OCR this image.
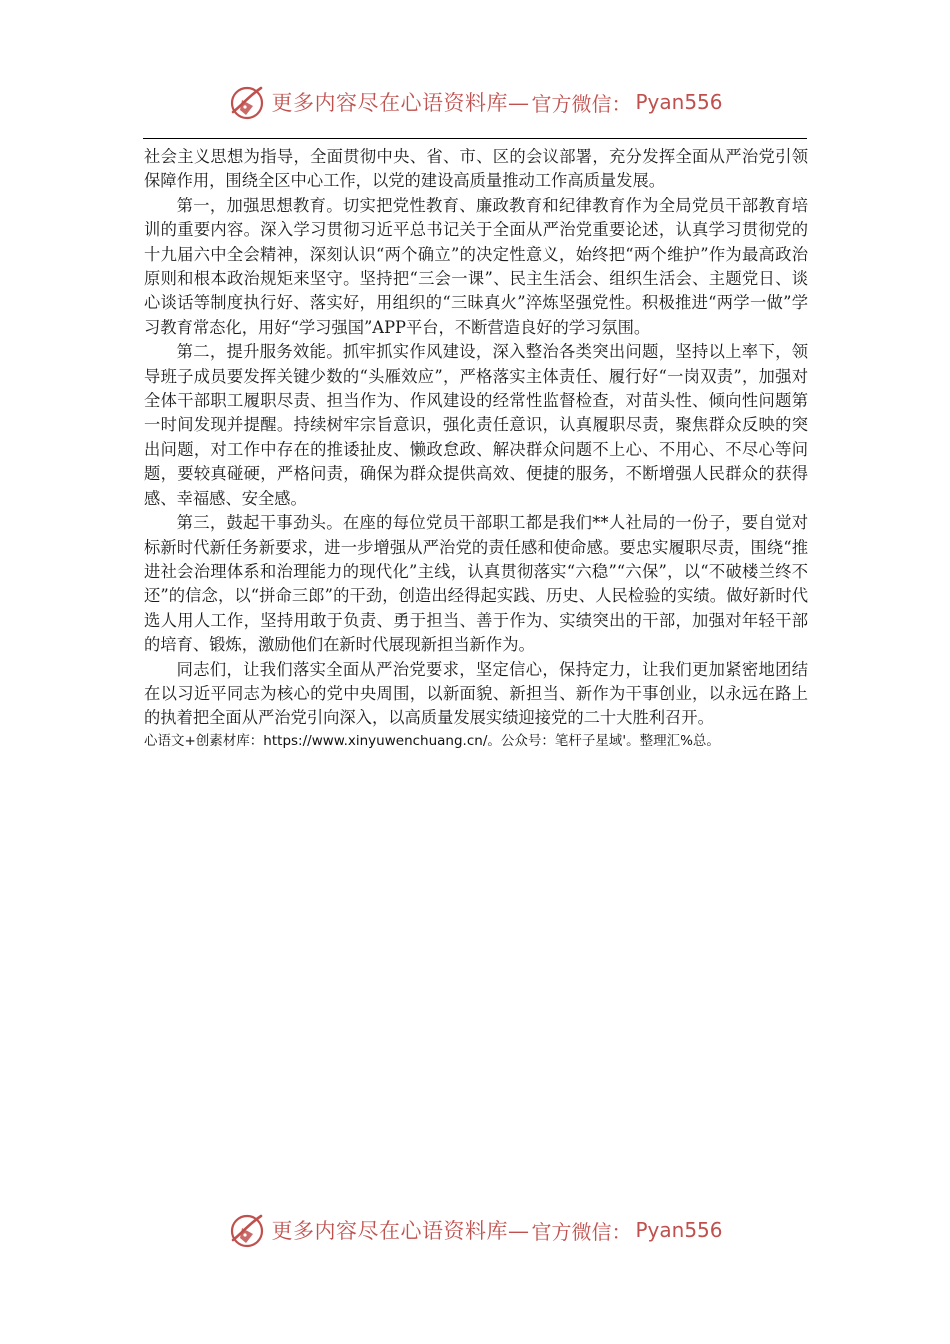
更多内容尽在心语资料库— 官方微信： Pyan556

社会主义思想为指导，全面贯彻中央、省、市、区的会议部署，充分发挥全面从严治党引领保障作用，围绕全区中心工作，以党的建设高质量推动工作高质量发展。

第一，加强思想教育。切实把党性教育、廉政教育和纪律教育作为全局党员干部教育培训的重要内容。深入学习贯彻习近平总书记关于全面从严治党重要论述，认真学习贯彻党的十九届六中全会精神，深刻认识“两个确立”的决定性意义，始终把“两个维护”作为最高政治原则和根本政治规矩来坚守。坚持把“三会一课”、民主生活会、组织生活会、主题党日、谈心谈话等制度执行好、落实好，用组织的“三昧真火”淬炼坚强党性。积极推进“两学一做”学习教育常态化，用好“学习强国”APP平台，不断营造良好的学习氛围。

第二，提升服务效能。抓牢抓实作风建设，深入整治各类突出问题，坚持以上率下，领导班子成员要发挥关键少数的“头雁效应”，严格落实主体责任、履行好“一岗双责”，加强对全体干部职工履职尽责、担当作为、作风建设的经常性监督检查，对苗头性、倾向性问题第一时间发现并提醒。持续树牢宗旨意识，强化责任意识，认真履职尽责，聚焦群众反映的突出问题，对工作中存在的推诿扯皮、懒政怠政、解决群众问题不上心、不用心、不尽心等问题，要较真碰硬，严格问责，确保为群众提供高效、便捷的服务，不断增强人民群众的获得感、幸福感、安全感。

第三，鼓起干事劲头。在座的每位党员干部职工都是我们**人社局的一份子，要自觉对标新时代新任务新要求，进一步增强从严治党的责任感和使命感。要忠实履职尽责，围绕“推进社会治理体系和治理能力的现代化”主线，认真贯彻落实“六稳”“六保”，以“不破楼兰终不还”的信念，以“拼命三郎”的干劲，创造出经得起实践、历史、人民检验的实绩。做好新时代选人用人工作，坚持用敢于负责、勇于担当、善于作为、实绩突出的干部，加强对年轻干部的培育、锻炼，激励他们在新时代展现新担当新作为。

同志们，让我们落实全面从严治党要求，坚定信心，保持定力，让我们更加紧密地团结在以习近平同志为核心的党中央周围，以新面貌、新担当、新作为干事创业，以永远在路上的执着把全面从严治党引向深入，以高质量发展实绩迎接党的二十大胜利召开。

心语文+创素材库：https://www.xinyuwenchuang.cn/。公众号：笔杆子星域'。整理汇%总。

更多内容尽在心语资料库— 官方微信： Pyan556
